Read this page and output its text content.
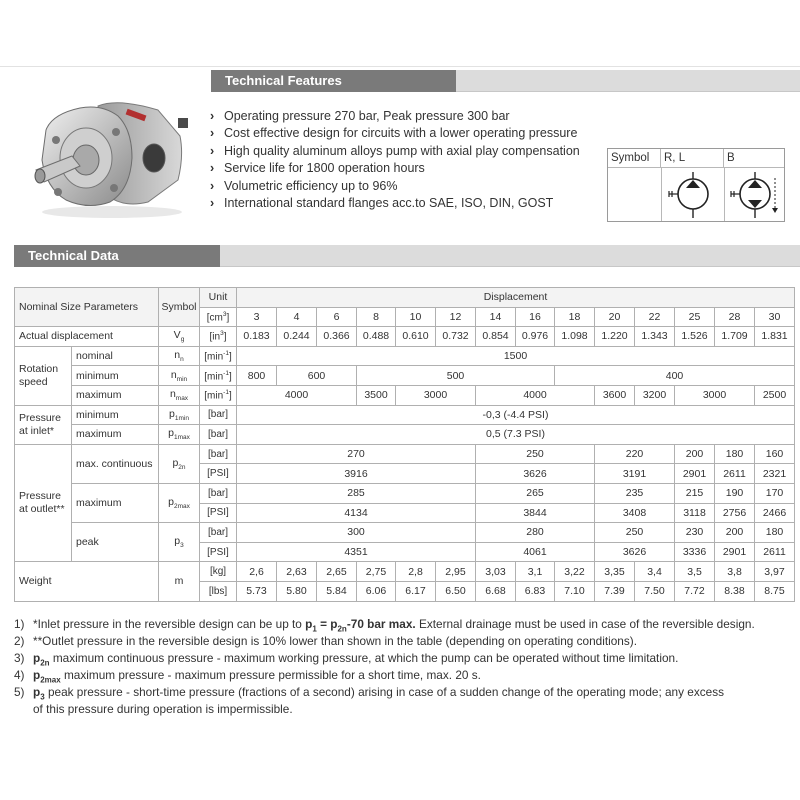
Technical Features
› Operating pressure 270 bar, Peak pressure 300 bar
› Cost effective design for circuits with a lower operating pressure
› High quality aluminum alloys pump with axial play compensation
› Service life for 1800 operation hours
› Volumetric efficiency up to 96%
› International standard flanges acc.to SAE, ISO, DIN, GOST
Symbol	R, L	B
Technical Data
Nominal Size Parameters		Symbol	Unit	Displacement													
			$[cm^3]$	3	4	6	8	10	12	14	16	18	20	22	25	28	30
Actual displacement		$V_g$	$[in^3]$	0.183	0.244	0.366	0.488	0.610	0.732	0.854	0.976	1.098	1.220	1.343	1.526	1.709	1.831
Rotation speed	nominal	$n_n$	$[\min^{-1}]$	1500													
	minimum	$n_{min}$	$[\min^{-1}]$	800	600		500					400					
	maximum	$n_{max}$	$[\min^{-1}]$	4000			3500	3000		4000			3600	3200	3000		2500
Pressure at inlet*	minimum	$p_{1min}$	[bar]	-0,3 (-4.4 PSI)													
	maximum	$p_{1max}$	[bar]	0,5 (7.3 PSI)													
Pressure at outlet**	max. continuous	$p_{2n}$	[bar]	270						250			220		200	180	160
			[PSI]	3916						3626			3191		2901	2611	2321
	maximum	$p_{2max}$	[bar]	285						265			235		215	190	170
			[PSI]	4134						3844			3408		3118	2756	2466
	peak	$p_3$	[bar]	300						280			250		230	200	180
			[PSI]	4351						4061			3626		3336	2901	2611
Weight		m	[kg]	2,6	2,63	2,65	2,75	2,8	2,95	3,03	3,1	3,22	3,35	3,4	3,5	3,8	3,97
			[lbs]	5.73	5.80	5.84	6.06	6.17	6.50	6.68	6.83	7.10	7.39	7.50	7.72	8.38	8.75
1) *Inlet pressure in the reversible design can be up to $p_1 = p_{2n}-70$ bar max. External drainage must be used in case of the reversible design.
2) **Outlet pressure in the reversible design is 10% lower than shown in the table (depending on operating conditions).
3) $p_{2n}$ maximum continuous pressure - maximum working pressure, at which the pump can be operated without time limitation.
4) $p_{2max}$ maximum pressure - maximum pressure permissible for a short time, max. 20 s.
5) $p_3$ peak pressure - short-time pressure (fractions of a second) arising in case of a sudden change of the operating mode; any excess
of this pressure during operation is impermissible.
